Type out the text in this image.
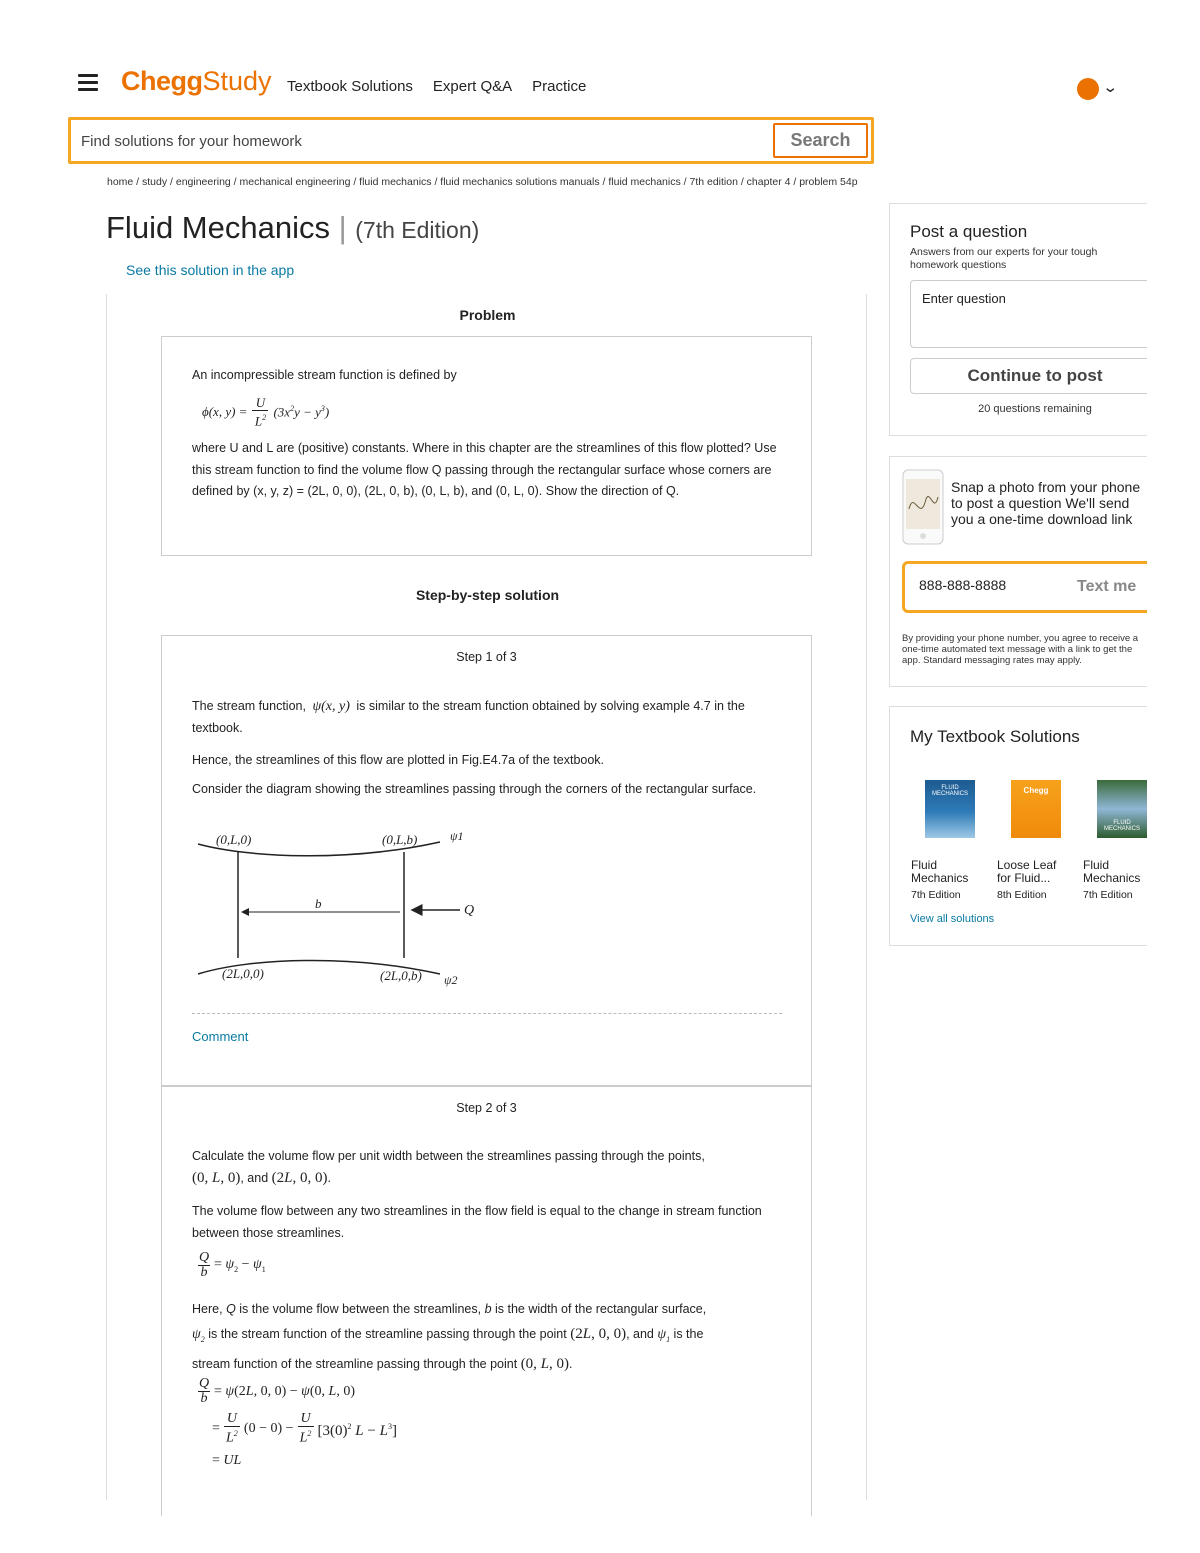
CheggStudy Textbook Solutions Expert Q&A Practice	⌄
Find solutions for your homework
Search
home / study / engineering / mechanical engineering / fluid mechanics / fluid mechanics solutions manuals / fluid mechanics / 7th edition / chapter 4 / problem 54p
Fluid Mechanics | (7th Edition)
See this solution in the app
Problem
An incompressible stream function is defined by
ϕ(x, y) =
U
$L^2$ $(3x^2y - y^3)$
where U and L are (positive) constants. Where in this chapter are the streamlines of this flow plotted? Use this stream function to find the volume flow Q passing through the rectangular surface whose corners are defined by (x, y, z) = (2L, 0, 0), (2L, 0, b), (0, L, b), and (0, L, 0). Show the direction of Q.
Step-by-step solution
Step 1 of 3
The stream function, ψ(x, y) is similar to the stream function obtained by solving example 4.7 in the textbook.
Hence, the streamlines of this flow are plotted in Fig.E4.7a of the textbook.
Consider the diagram showing the streamlines passing through the corners of the rectangular surface.
(0,L,0)	(0,L,b)	ψ1
b	Q
(2L,0,0)	(2L,0,b) ψ2
Comment
Step 2 of 3
Calculate the volume flow per unit width between the streamlines passing through the points,
(0, L, 0), and (2L, 0, 0).
The volume flow between any two streamlines in the flow field is equal to the change in stream function between those streamlines.
Q
b
= $\psi_2 - \psi_1$
Here, Q is the volume flow between the streamlines, b is the width of the rectangular surface,
$\psi_2$ is the stream function of the streamline passing through the point (2L, 0, 0), and $\psi_1$ is the
stream function of the streamline passing through the point (0, L, 0).
Q
b = ψ(2L, 0, 0) − ψ(0, L, 0)
=
U
$L^2$ (0 − 0) −
U
$L^2$ [$3(0)^2$ $L - L^3$]
= UL
Post a question
Answers from our experts for your tough homework questions
Enter question
Continue to post
20 questions remaining
Snap a photo from your phone to post a question We'll send you a one-time download link
888-888-8888
Text me
By providing your phone number, you agree to receive a one-time automated text message with a link to get the app. Standard messaging rates may apply.
My Textbook Solutions
FLUID MECHANICS
Fluid Mechanics
7th Edition
Chegg
Loose Leaf for Fluid...
8th Edition
FLUID MECHANICS
Fluid Mechanics
7th Edition
View all solutions
